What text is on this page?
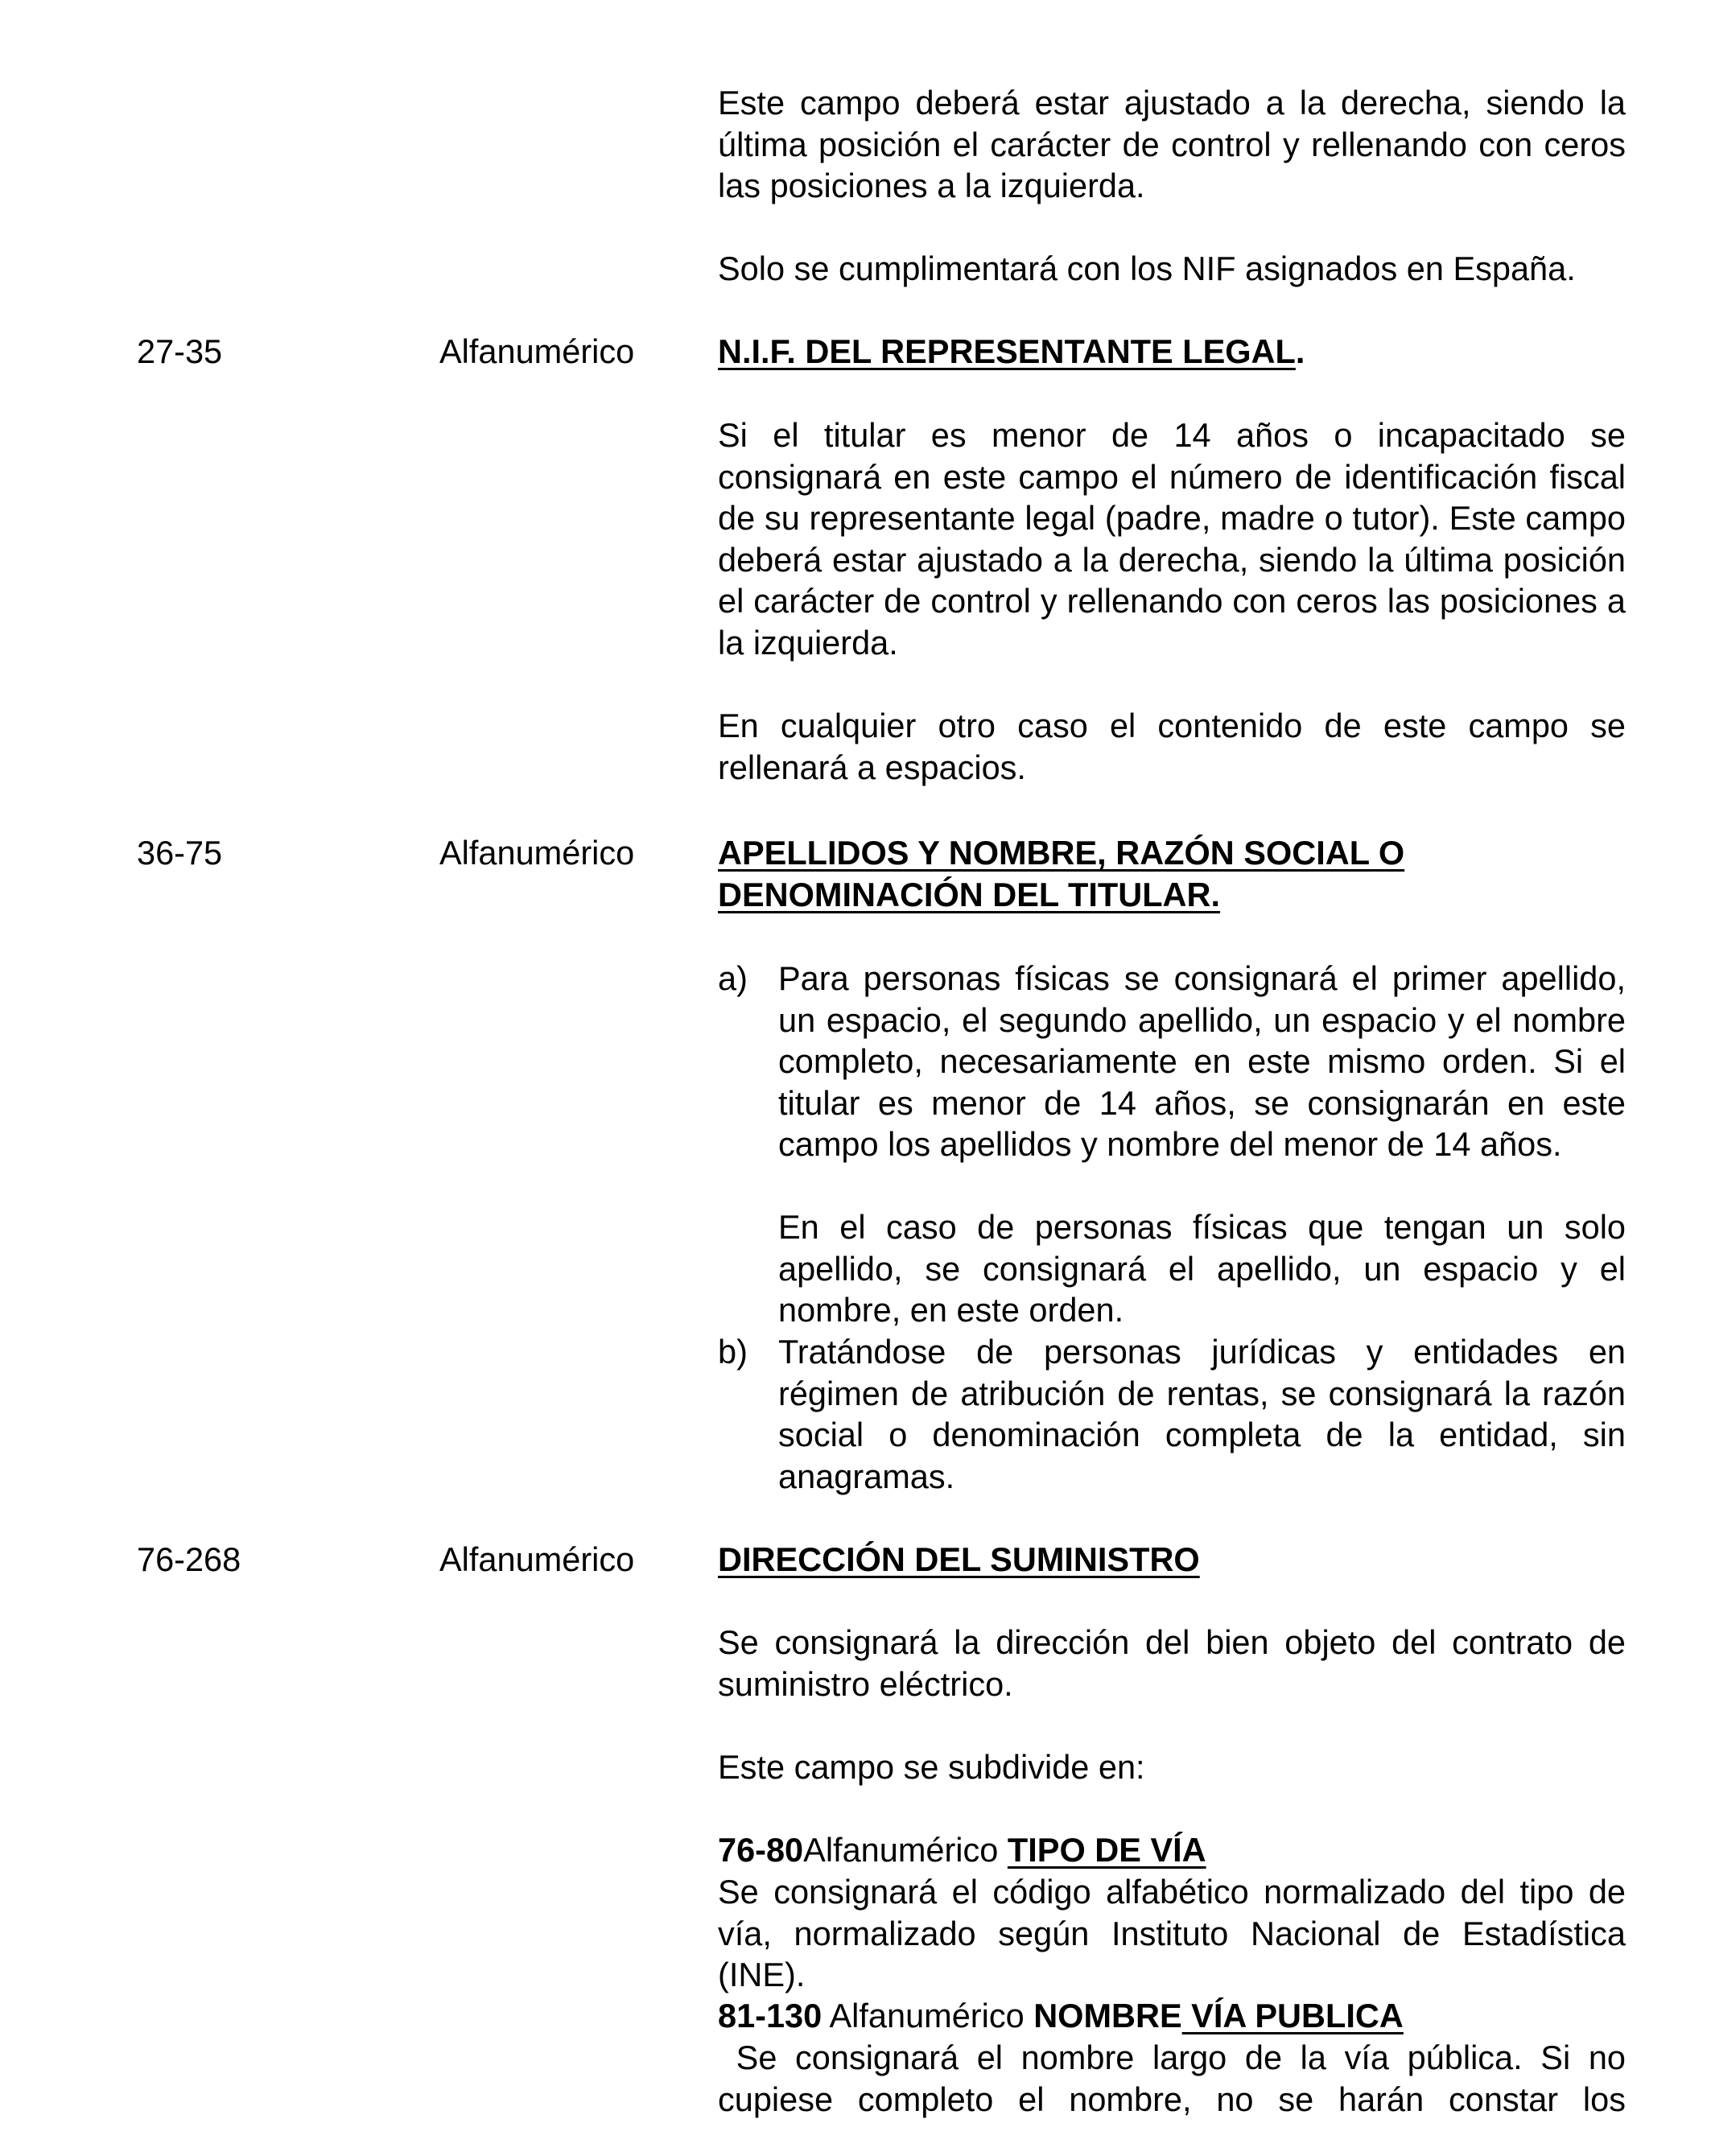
Este campo deberá estar ajustado a la derecha, siendo la última posición el carácter de control y rellenando con ceros las posiciones a la izquierda.

Solo se cumplimentará con los NIF asignados en España.

27-35	Alfanumérico	N.I.F. DEL REPRESENTANTE LEGAL.

Si el titular es menor de 14 años o incapacitado se consignará en este campo el número de identificación fiscal de su representante legal (padre, madre o tutor). Este campo deberá estar ajustado a la derecha, siendo la última posición el carácter de control y rellenando con ceros las posiciones a la izquierda.

En cualquier otro caso el contenido de este campo se rellenará a espacios.

36-75	Alfanumérico	APELLIDOS Y NOMBRE, RAZÓN SOCIAL O
DENOMINACIÓN DEL TITULAR.
a) Para personas físicas se consignará el primer apellido, un espacio, el segundo apellido, un espacio y el nombre completo, necesariamente en este mismo orden. Si el titular es menor de 14 años, se consignarán en este campo los apellidos y nombre del menor de 14 años.

En el caso de personas físicas que tengan un solo apellido, se consignará el apellido, un espacio y el nombre, en este orden.

b) Tratándose de personas jurídicas y entidades en régimen de atribución de rentas, se consignará la razón social o denominación completa de la entidad, sin anagramas.

76-268	Alfanumérico	DIRECCIÓN DEL SUMINISTRO

Se consignará la dirección del bien objeto del contrato de suministro eléctrico.

Este campo se subdivide en:

76-80Alfanumérico TIPO DE VÍA

Se consignará el código alfabético normalizado del tipo de vía, normalizado según Instituto Nacional de Estadística (INE).

81-130 Alfanumérico NOMBRE VÍA PUBLICA

Se consignará el nombre largo de la vía pública. Si no cupiese completo el nombre, no se harán constar los
